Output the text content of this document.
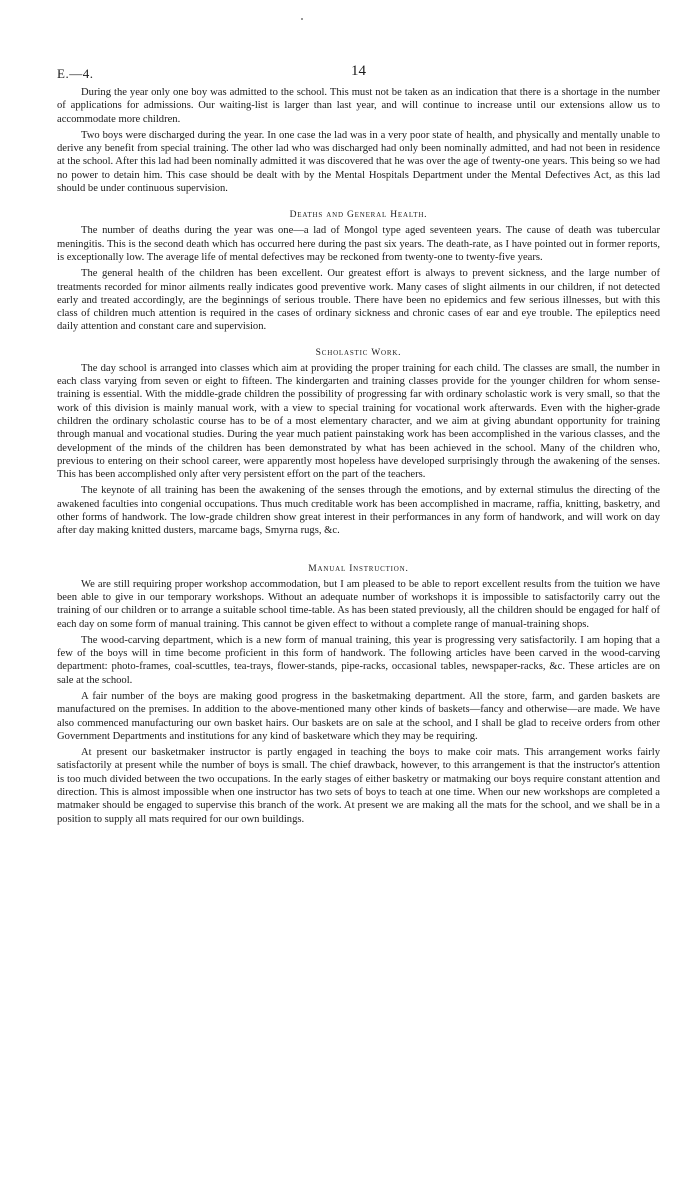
E.—4.	14

During the year only one boy was admitted to the school. This must not be taken as an indication that there is a shortage in the number of applications for admissions. Our waiting-list is larger than last year, and will continue to increase until our extensions allow us to accommodate more children.

Two boys were discharged during the year. In one case the lad was in a very poor state of health, and physically and mentally unable to derive any benefit from special training. The other lad who was discharged had only been nominally admitted, and had not been in residence at the school. After this lad had been nominally admitted it was discovered that he was over the age of twenty-one years. This being so we had no power to detain him. This case should be dealt with by the Mental Hospitals Department under the Mental Defectives Act, as this lad should be under continuous supervision.

Deaths and General Health.

The number of deaths during the year was one—a lad of Mongol type aged seventeen years. The cause of death was tubercular meningitis. This is the second death which has occurred here during the past six years. The death-rate, as I have pointed out in former reports, is exceptionally low. The average life of mental defectives may be reckoned from twenty-one to twenty-five years.

The general health of the children has been excellent. Our greatest effort is always to prevent sickness, and the large number of treatments recorded for minor ailments really indicates good preventive work. Many cases of slight ailments in our children, if not detected early and treated accordingly, are the beginnings of serious trouble. There have been no epidemics and few serious illnesses, but with this class of children much attention is required in the cases of ordinary sickness and chronic cases of ear and eye trouble. The epileptics need daily attention and constant care and supervision.

Scholastic Work.

The day school is arranged into classes which aim at providing the proper training for each child. The classes are small, the number in each class varying from seven or eight to fifteen. The kindergarten and training classes provide for the younger children for whom sense-training is essential. With the middle-grade children the possibility of progressing far with ordinary scholastic work is very small, so that the work of this division is mainly manual work, with a view to special training for vocational work afterwards. Even with the higher-grade children the ordinary scholastic course has to be of a most elementary character, and we aim at giving abundant opportunity for training through manual and vocational studies. During the year much patient painstaking work has been accomplished in the various classes, and the development of the minds of the children has been demonstrated by what has been achieved in the school. Many of the children who, previous to entering on their school career, were apparently most hopeless have developed surprisingly through the awakening of the senses. This has been accomplished only after very persistent effort on the part of the teachers.

The keynote of all training has been the awakening of the senses through the emotions, and by external stimulus the directing of the awakened faculties into congenial occupations. Thus much creditable work has been accomplished in macrame, raffia, knitting, basketry, and other forms of handwork. The low-grade children show great interest in their performances in any form of handwork, and will work on day after day making knitted dusters, marcame bags, Smyrna rugs, &c.

Manual Instruction.

We are still requiring proper workshop accommodation, but I am pleased to be able to report excellent results from the tuition we have been able to give in our temporary workshops. Without an adequate number of workshops it is impossible to satisfactorily carry out the training of our children or to arrange a suitable school time-table. As has been stated previously, all the children should be engaged for half of each day on some form of manual training. This cannot be given effect to without a complete range of manual-training shops.

The wood-carving department, which is a new form of manual training, this year is progressing very satisfactorily. I am hoping that a few of the boys will in time become proficient in this form of handwork. The following articles have been carved in the wood-carving department: photo-frames, coal-scuttles, tea-trays, flower-stands, pipe-racks, occasional tables, newspaper-racks, &c. These articles are on sale at the school.

A fair number of the boys are making good progress in the basketmaking department. All the store, farm, and garden baskets are manufactured on the premises. In addition to the above-mentioned many other kinds of baskets—fancy and otherwise—are made. We have also commenced manufacturing our own basket hairs. Our baskets are on sale at the school, and I shall be glad to receive orders from other Government Departments and institutions for any kind of basketware which they may be requiring.

At present our basketmaker instructor is partly engaged in teaching the boys to make coir mats. This arrangement works fairly satisfactorily at present while the number of boys is small. The chief drawback, however, to this arrangement is that the instructor's attention is too much divided between the two occupations. In the early stages of either basketry or matmaking our boys require constant attention and direction. This is almost impossible when one instructor has two sets of boys to teach at one time. When our new workshops are completed a matmaker should be engaged to supervise this branch of the work. At present we are making all the mats for the school, and we shall be in a position to supply all mats required for our own buildings.
